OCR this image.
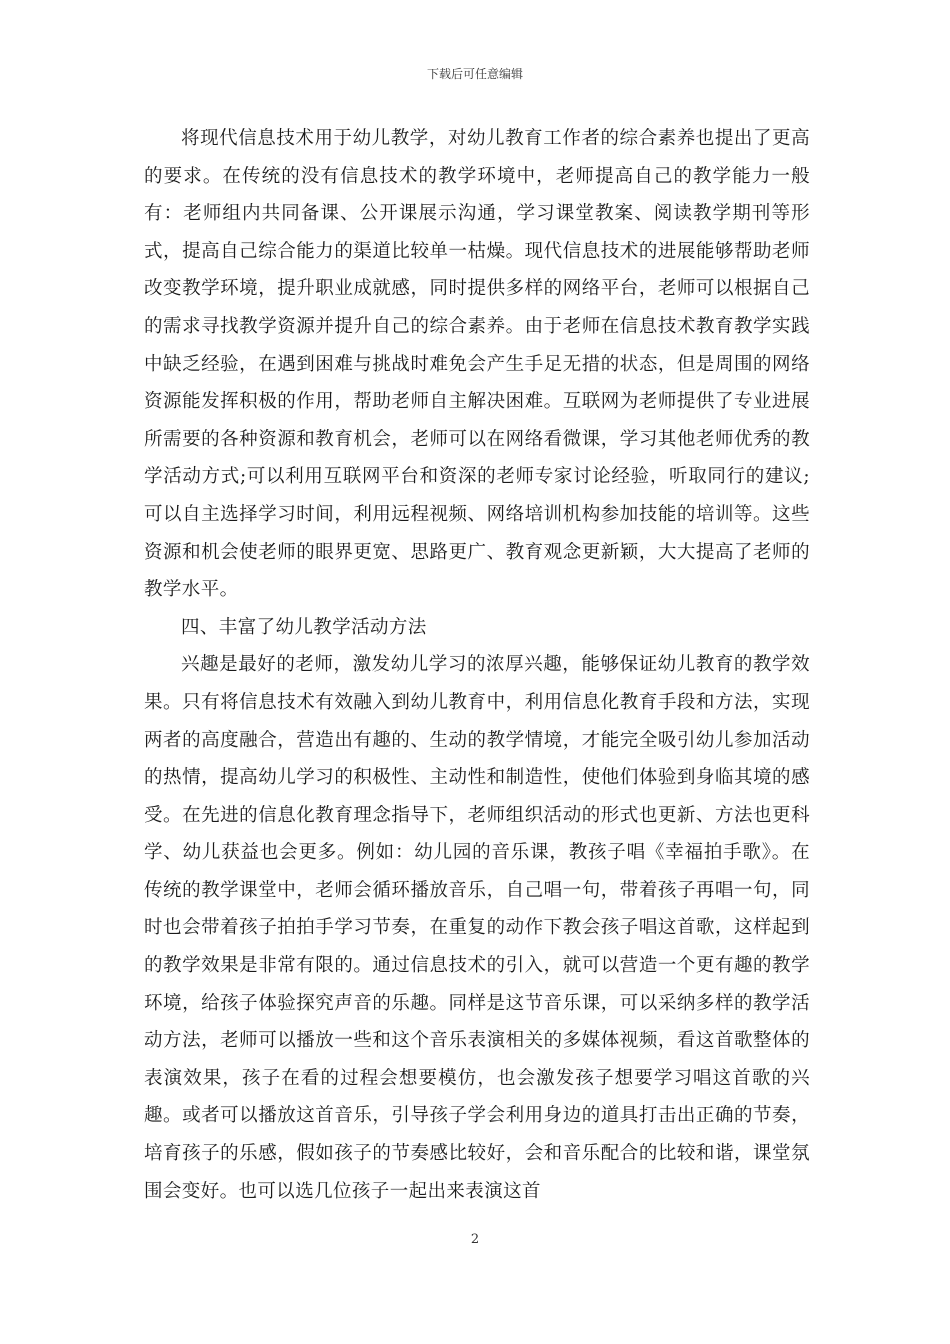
下载后可任意编辑

将现代信息技术用于幼儿教学，对幼儿教育工作者的综合素养也提出了更高的要求。在传统的没有信息技术的教学环境中，老师提高自己的教学能力一般有：老师组内共同备课、公开课展示沟通，学习课堂教案、阅读教学期刊等形式，提高自己综合能力的渠道比较单一枯燥。现代信息技术的进展能够帮助老师改变教学环境，提升职业成就感，同时提供多样的网络平台，老师可以根据自己的需求寻找教学资源并提升自己的综合素养。由于老师在信息技术教育教学实践中缺乏经验，在遇到困难与挑战时难免会产生手足无措的状态，但是周围的网络资源能发挥积极的作用，帮助老师自主解决困难。互联网为老师提供了专业进展所需要的各种资源和教育机会，老师可以在网络看微课，学习其他老师优秀的教学活动方式;可以利用互联网平台和资深的老师专家讨论经验，听取同行的建议;可以自主选择学习时间，利用远程视频、网络培训机构参加技能的培训等。这些资源和机会使老师的眼界更宽、思路更广、教育观念更新颖，大大提高了老师的教学水平。

四、丰富了幼儿教学活动方法

兴趣是最好的老师，激发幼儿学习的浓厚兴趣，能够保证幼儿教育的教学效果。只有将信息技术有效融入到幼儿教育中，利用信息化教育手段和方法，实现两者的高度融合，营造出有趣的、生动的教学情境，才能完全吸引幼儿参加活动的热情，提高幼儿学习的积极性、主动性和制造性，使他们体验到身临其境的感受。在先进的信息化教育理念指导下，老师组织活动的形式也更新、方法也更科学、幼儿获益也会更多。例如：幼儿园的音乐课，教孩子唱《幸福拍手歌》。在传统的教学课堂中，老师会循环播放音乐，自己唱一句，带着孩子再唱一句，同时也会带着孩子拍拍手学习节奏，在重复的动作下教会孩子唱这首歌，这样起到的教学效果是非常有限的。通过信息技术的引入，就可以营造一个更有趣的教学环境，给孩子体验探究声音的乐趣。同样是这节音乐课，可以采纳多样的教学活动方法，老师可以播放一些和这个音乐表演相关的多媒体视频，看这首歌整体的表演效果，孩子在看的过程会想要模仿，也会激发孩子想要学习唱这首歌的兴趣。或者可以播放这首音乐，引导孩子学会利用身边的道具打击出正确的节奏，培育孩子的乐感，假如孩子的节奏感比较好，会和音乐配合的比较和谐，课堂氛围会变好。也可以选几位孩子一起出来表演这首

2
